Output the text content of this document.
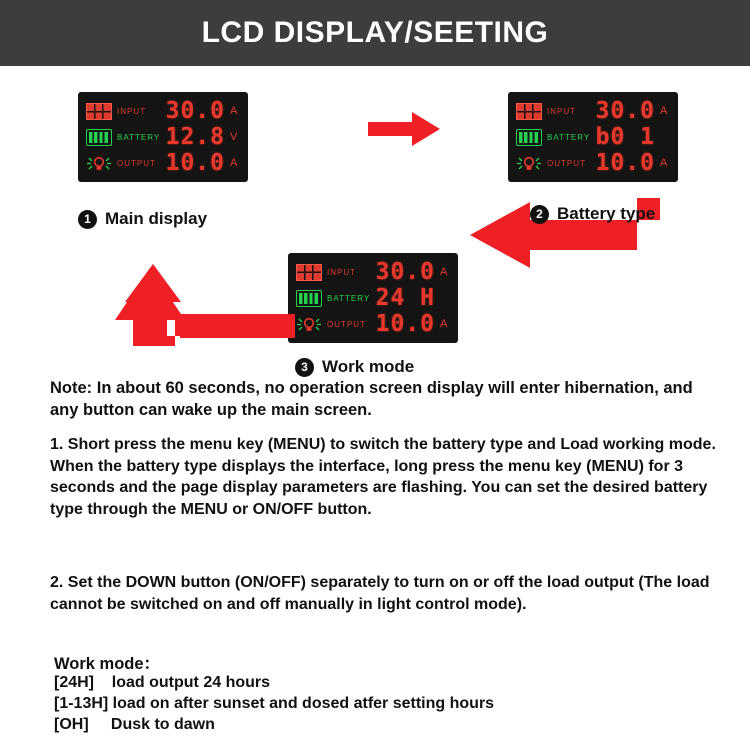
LCD DISPLAY/SEETING
INPUT 30.0 A
BATTERY 12.8 V
OUTPUT 10.0 A
INPUT 30.0 A
BATTERY b0 1
OUTPUT 10.0 A
INPUT 30.0 A
BATTERY 24 H
OUTPUT 10.0 A
1 Main display	2 Battery type
3 Work mode
Note: In about 60 seconds, no operation screen display will enter hibernation, and any button can wake up the main screen.
1. Short press the menu key (MENU) to switch the battery type and Load working mode. When the battery type displays the interface, long press the menu key (MENU) for 3 seconds and the page display parameters are flashing. You can set the desired battery type through the MENU or ON/OFF button.
2. Set the DOWN button (ON/OFF) separately to turn on or off the load output (The load cannot be switched on and off manually in light control mode).
Work mode：
[24H]    load output 24 hours
[1-13H] load on after sunset and dosed atfer setting hours
[OH]     Dusk to dawn
